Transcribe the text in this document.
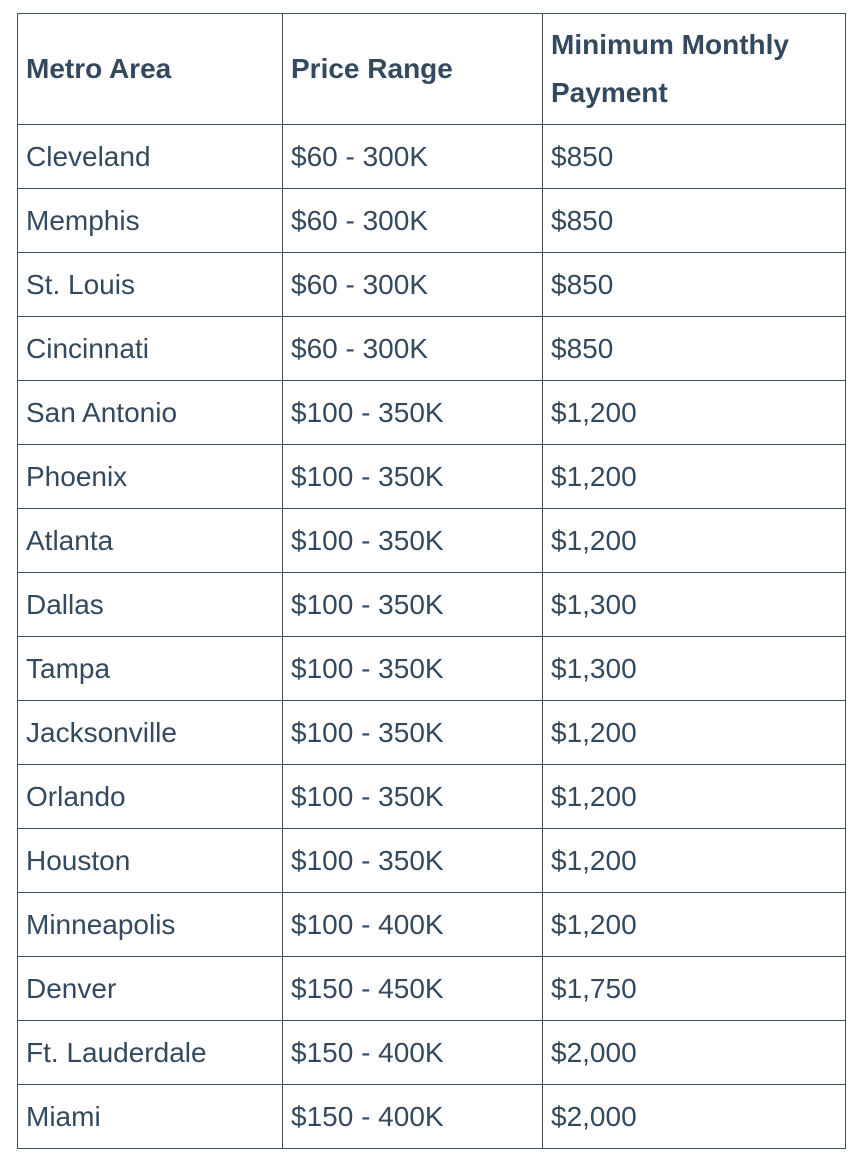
Metro Area	Price Range	Minimum Monthly Payment
Cleveland	$60 - 300K	$850
Memphis	$60 - 300K	$850
St. Louis	$60 - 300K	$850
Cincinnati	$60 - 300K	$850
San Antonio	$100 - 350K	$1,200
Phoenix	$100 - 350K	$1,200
Atlanta	$100 - 350K	$1,200
Dallas	$100 - 350K	$1,300
Tampa	$100 - 350K	$1,300
Jacksonville	$100 - 350K	$1,200
Orlando	$100 - 350K	$1,200
Houston	$100 - 350K	$1,200
Minneapolis	$100 - 400K	$1,200
Denver	$150 - 450K	$1,750
Ft. Lauderdale	$150 - 400K	$2,000
Miami	$150 - 400K	$2,000
